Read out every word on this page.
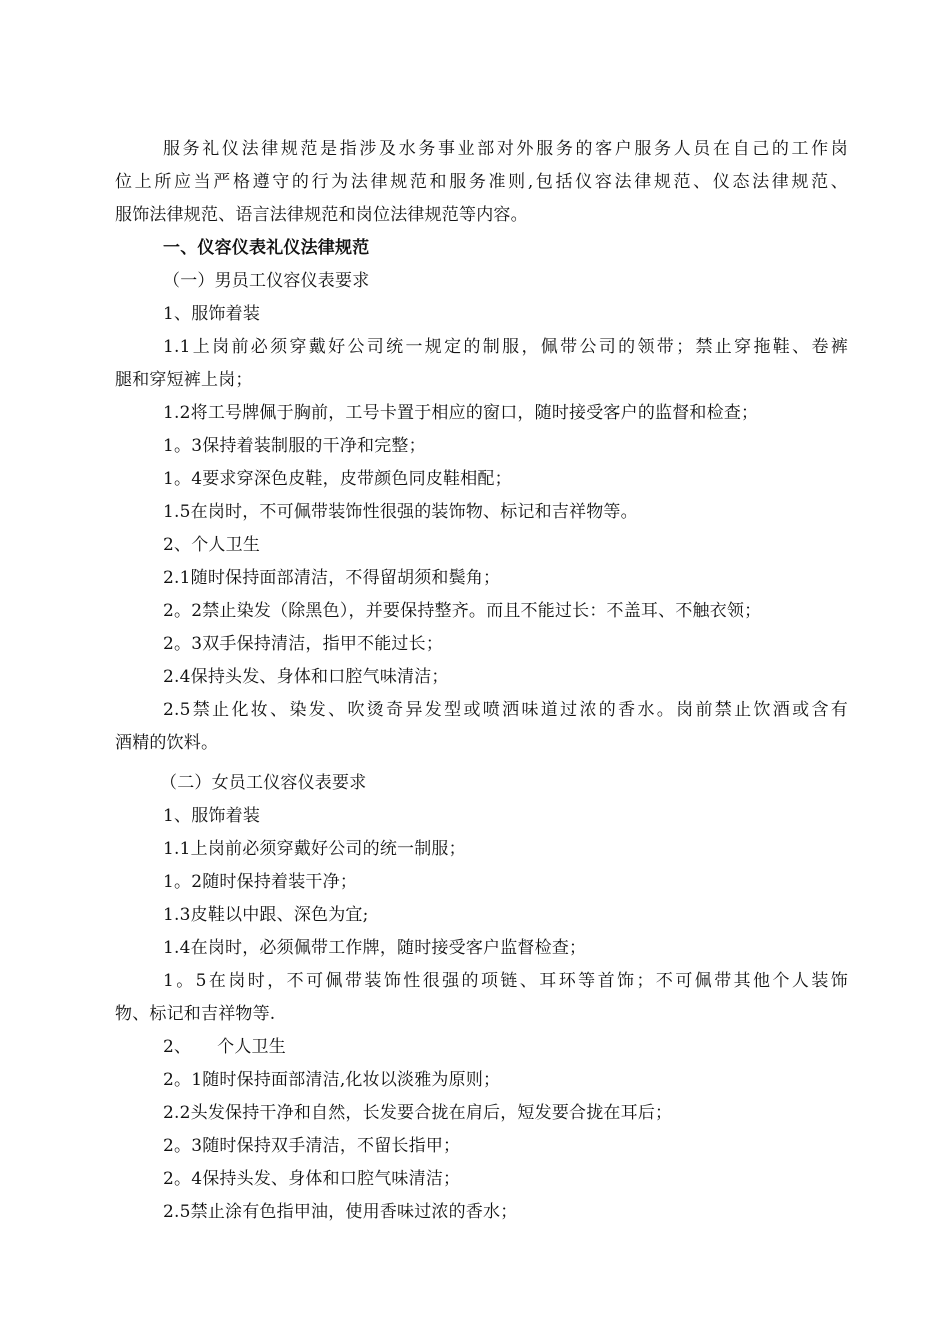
服务礼仪法律规范是指涉及水务事业部对外服务的客户服务人员在自己的工作岗
位上所应当严格遵守的行为法律规范和服务准则,包括仪容法律规范、仪态法律规范、
服饰法律规范、语言法律规范和岗位法律规范等内容。
一、仪容仪表礼仪法律规范
（一）男员工仪容仪表要求
1、服饰着装
1.1上岗前必须穿戴好公司统一规定的制服，佩带公司的领带；禁止穿拖鞋、卷裤
腿和穿短裤上岗；
1.2将工号牌佩于胸前，工号卡置于相应的窗口，随时接受客户的监督和检查；
1。3保持着装制服的干净和完整；
1。4要求穿深色皮鞋，皮带颜色同皮鞋相配；
1.5在岗时，不可佩带装饰性很强的装饰物、标记和吉祥物等。
2、个人卫生
2.1随时保持面部清洁，不得留胡须和鬓角；
2。2禁止染发（除黑色），并要保持整齐。而且不能过长：不盖耳、不触衣领；
2。3双手保持清洁，指甲不能过长；
2.4保持头发、身体和口腔气味清洁；
2.5禁止化妆、染发、吹烫奇异发型或喷洒味道过浓的香水。岗前禁止饮酒或含有
酒精的饮料。
（二）女员工仪容仪表要求
1、服饰着装
1.1上岗前必须穿戴好公司的统一制服；
1。2随时保持着装干净；
1.3皮鞋以中跟、深色为宜;
1.4在岗时，必须佩带工作牌，随时接受客户监督检查；
1。5在岗时，不可佩带装饰性很强的项链、耳环等首饰；不可佩带其他个人装饰
物、标记和吉祥物等.
2、　　个人卫生
2。1随时保持面部清洁,化妆以淡雅为原则；
2.2头发保持干净和自然，长发要合拢在肩后，短发要合拢在耳后；
2。3随时保持双手清洁，不留长指甲；
2。4保持头发、身体和口腔气味清洁；
2.5禁止涂有色指甲油，使用香味过浓的香水；
